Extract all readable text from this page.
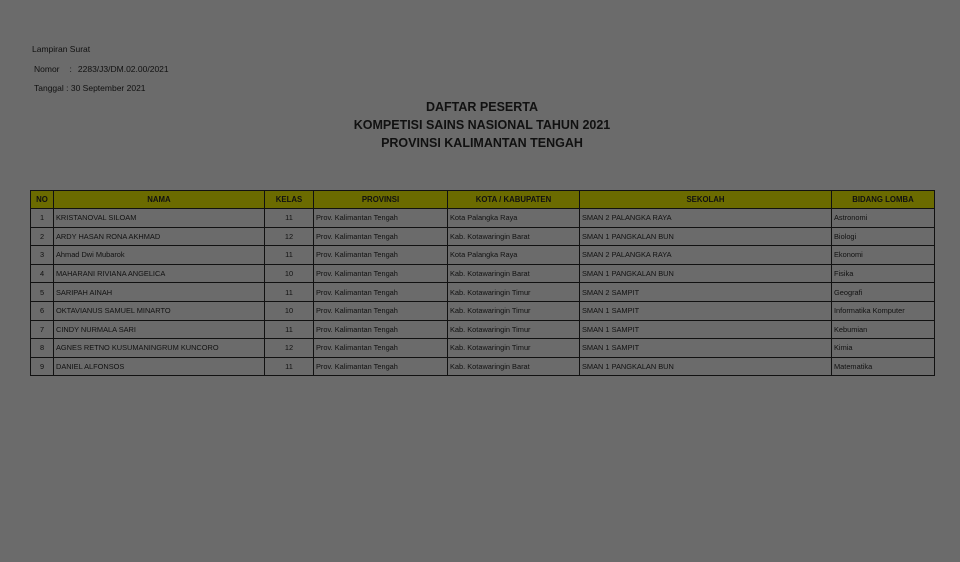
Lampiran Surat
Nomor : 2283/J3/DM.02.00/2021
Tanggal : 30 September 2021
DAFTAR PESERTA
KOMPETISI SAINS NASIONAL TAHUN 2021
PROVINSI KALIMANTAN TENGAH
NO	NAMA	KELAS	PROVINSI	KOTA / KABUPATEN	SEKOLAH	BIDANG LOMBA
1	KRISTANOVAL SILOAM	11	Prov. Kalimantan Tengah	Kota Palangka Raya	SMAN 2 PALANGKA RAYA	Astronomi
2	ARDY HASAN RONA AKHMAD	12	Prov. Kalimantan Tengah	Kab. Kotawaringin Barat	SMAN 1 PANGKALAN BUN	Biologi
3	Ahmad Dwi Mubarok	11	Prov. Kalimantan Tengah	Kota Palangka Raya	SMAN 2 PALANGKA RAYA	Ekonomi
4	MAHARANI RIVIANA ANGELICA	10	Prov. Kalimantan Tengah	Kab. Kotawaringin Barat	SMAN 1 PANGKALAN BUN	Fisika
5	SARIPAH AINAH	11	Prov. Kalimantan Tengah	Kab. Kotawaringin Timur	SMAN 2 SAMPIT	Geografi
6	OKTAVIANUS SAMUEL MINARTO	10	Prov. Kalimantan Tengah	Kab. Kotawaringin Timur	SMAN 1 SAMPIT	Informatika Komputer
7	CINDY NURMALA SARI	11	Prov. Kalimantan Tengah	Kab. Kotawaringin Timur	SMAN 1 SAMPIT	Kebumian
8	AGNES RETNO KUSUMANINGRUM KUNCORO	12	Prov. Kalimantan Tengah	Kab. Kotawaringin Timur	SMAN 1 SAMPIT	Kimia
9	DANIEL ALFONSOS	11	Prov. Kalimantan Tengah	Kab. Kotawaringin Barat	SMAN 1 PANGKALAN BUN	Matematika
